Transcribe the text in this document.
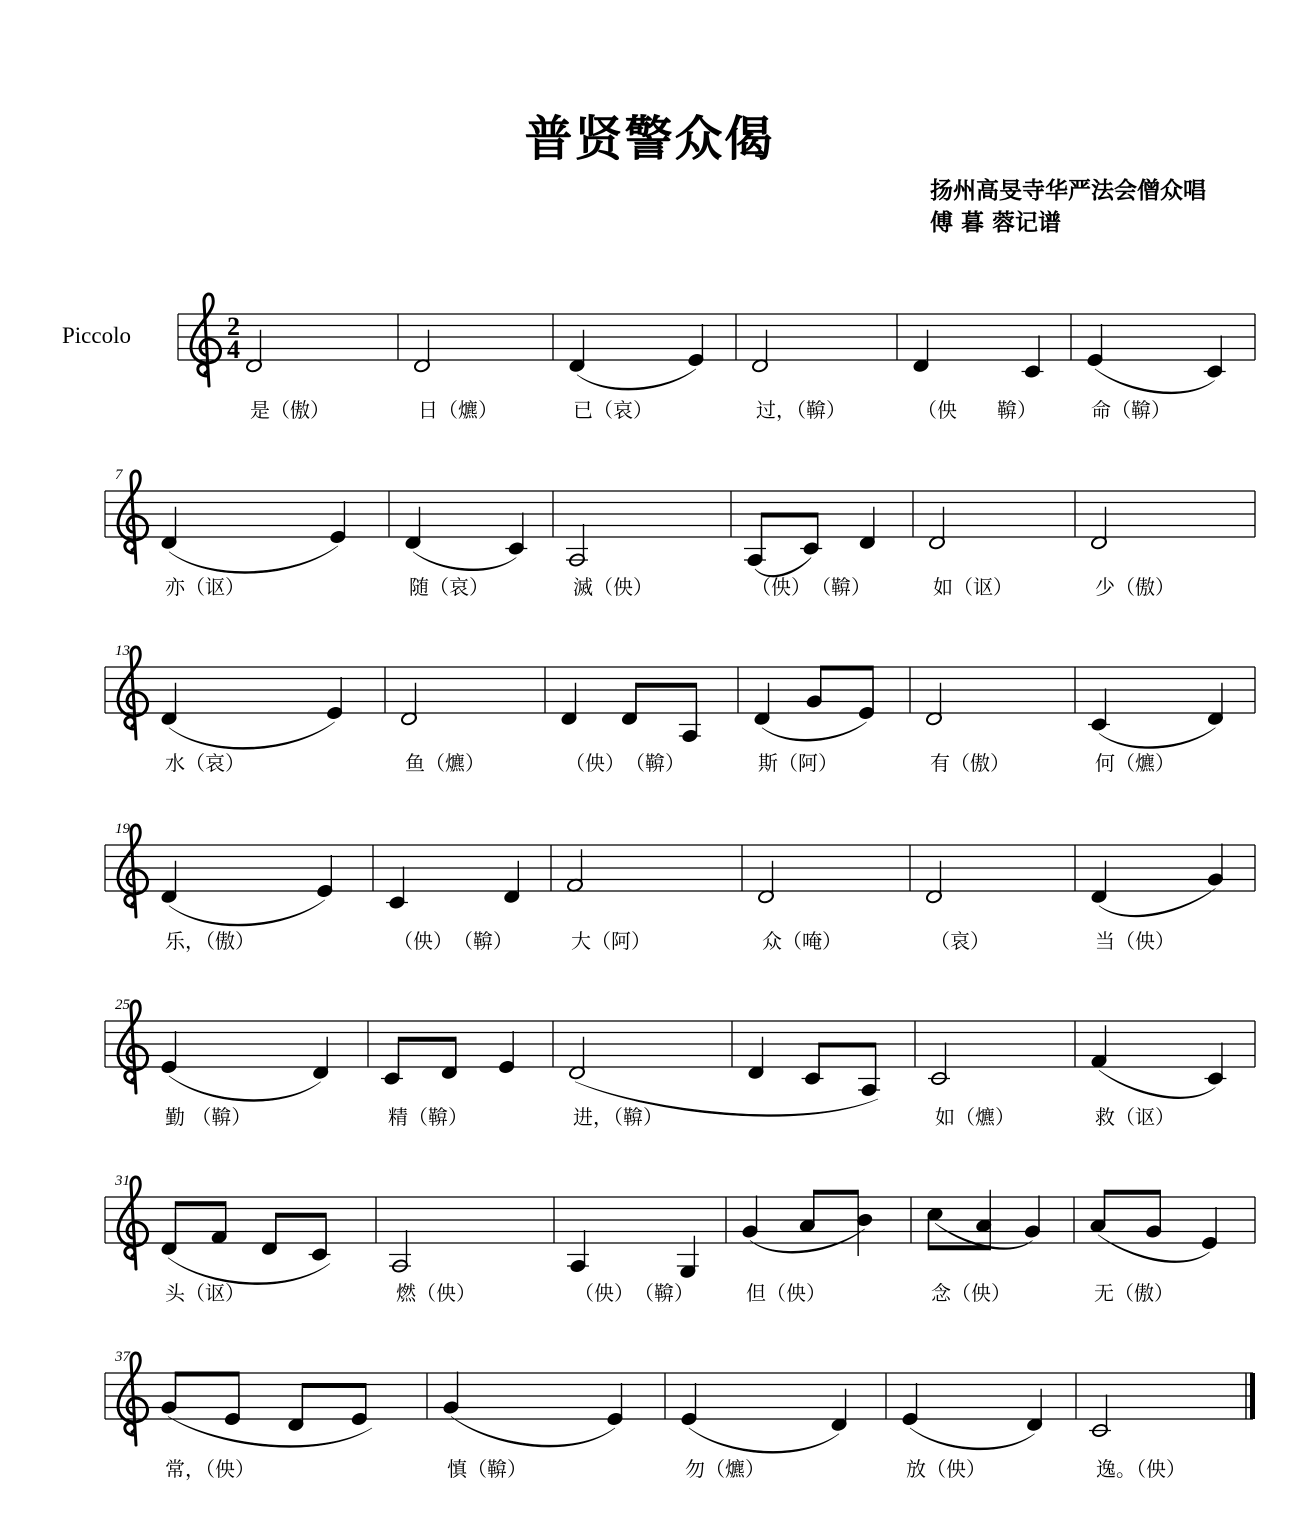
普贤警众偈
扬州高旻寺华严法会僧众唱
傅 暮 蓉记谱
Piccolo	2
4
是（傲）	日（爊）	已（哀）	过，（鞥）	（佒　　鞥）	命（鞥）
7
亦（讴）	随（哀）	滅（佒）	（佒）　（鞥）	如（讴）	少（傲）
13
水（哀）	鱼（爊）	（佒）　（鞥）	斯（阿）	有（傲）	何（爊）
19
乐，（傲）	（佒）　（鞥）	大（阿）	众（唵）	（哀）	当（佒）
25
勤 （鞥）	精（鞥）	进，（鞥）	如（爊）	救（讴）
31
头（讴）	燃（佒）	（佒）　（鞥）	但（佒）	念（佒）	无（傲）
37
常，（佒）	慎（鞥）	勿（爊）	放（佒）	逸。（佒）
